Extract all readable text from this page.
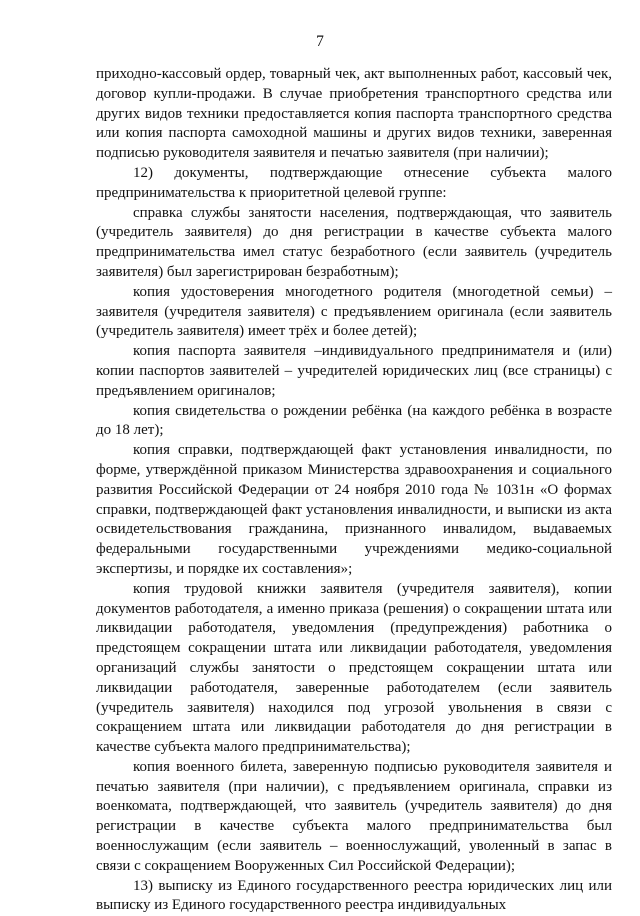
7

приходно-кассовый ордер, товарный чек, акт выполненных работ, кассовый чек, договор купли-продажи. В случае приобретения транспортного средства или других видов техники предоставляется копия паспорта транспортного средства или копия паспорта самоходной машины и других видов техники, заверенная подписью руководителя заявителя и печатью заявителя (при наличии);

12) документы, подтверждающие отнесение субъекта малого предпринимательства к приоритетной целевой группе:

справка службы занятости населения, подтверждающая, что заявитель (учредитель заявителя) до дня регистрации в качестве субъекта малого предпринимательства имел статус безработного (если заявитель (учредитель заявителя) был зарегистрирован безработным);

копия удостоверения многодетного родителя (многодетной семьи) – заявителя (учредителя заявителя) с предъявлением оригинала (если заявитель (учредитель заявителя) имеет трёх и более детей);

копия паспорта заявителя –индивидуального предпринимателя и (или) копии паспортов заявителей – учредителей юридических лиц (все страницы) с предъявлением оригиналов;

копия свидетельства о рождении ребёнка (на каждого ребёнка в возрасте до 18 лет);

копия справки, подтверждающей факт установления инвалидности, по форме, утверждённой приказом Министерства здравоохранения и социального развития Российской Федерации от 24 ноября 2010 года № 1031н «О формах справки, подтверждающей факт установления инвалидности, и выписки из акта освидетельствования гражданина, признанного инвалидом, выдаваемых федеральными государственными учреждениями медико-социальной экспертизы, и порядке их составления»;

копия трудовой книжки заявителя (учредителя заявителя), копии документов работодателя, а именно приказа (решения) о сокращении штата или ликвидации работодателя, уведомления (предупреждения) работника о предстоящем сокращении штата или ликвидации работодателя, уведомления организаций службы занятости о предстоящем сокращении штата или ликвидации работодателя, заверенные работодателем (если заявитель (учредитель заявителя) находился под угрозой увольнения в связи с сокращением штата или ликвидации работодателя до дня регистрации в качестве субъекта малого предпринимательства);

копия военного билета, заверенную подписью руководителя заявителя и печатью заявителя (при наличии), с предъявлением оригинала, справки из военкомата, подтверждающей, что заявитель (учредитель заявителя) до дня регистрации в качестве субъекта малого предпринимательства был военнослужащим (если заявитель – военнослужащий, уволенный в запас в связи с сокращением Вооруженных Сил Российской Федерации);

13) выписку из Единого государственного реестра юридических лиц или выписку из Единого государственного реестра индивидуальных
